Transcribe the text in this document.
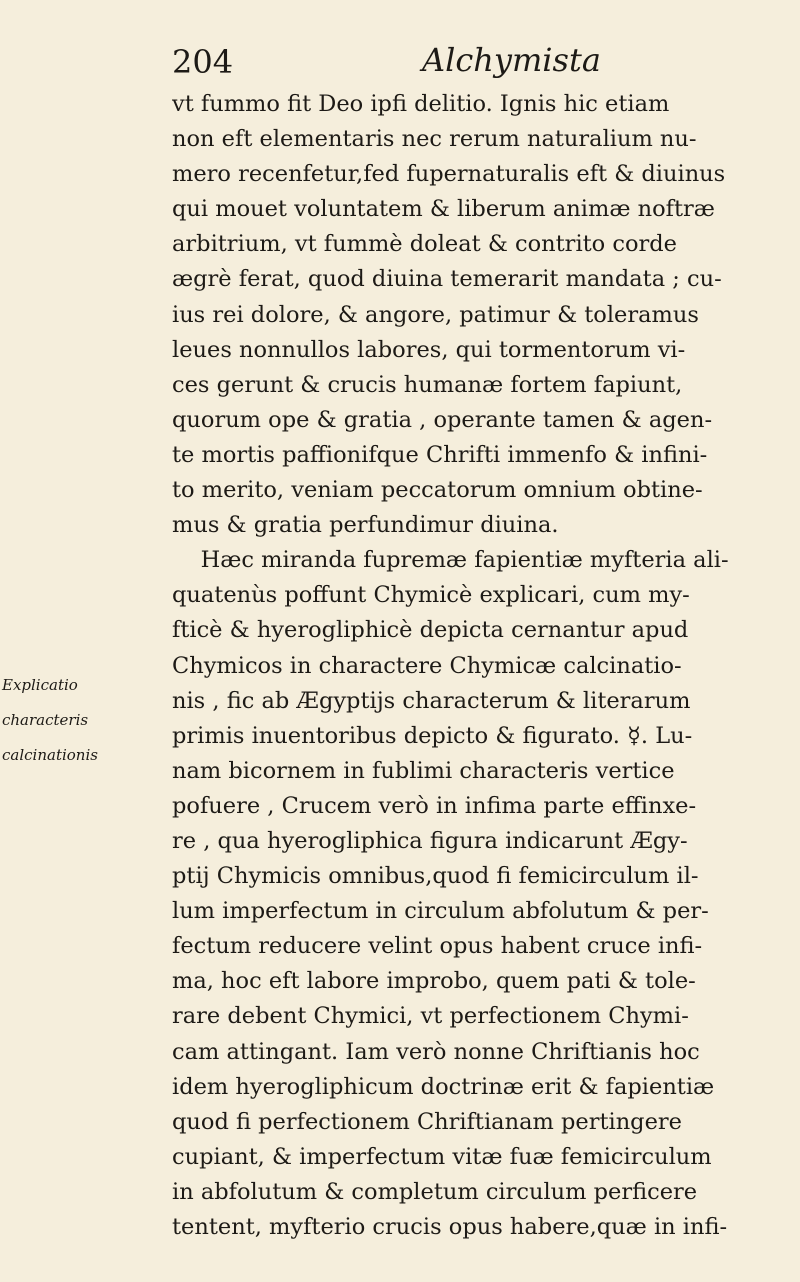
204	Alchymista
Explicatio
characteris
calcinationis
vt fummo fit Deo ipfi delitio. Ignis hic etiam
non eft elementaris nec rerum naturalium nu-
mero recenfetur,fed fupernaturalis eft & diuinus
qui mouet voluntatem & liberum animæ noftræ
arbitrium, vt fummè doleat & contrito corde
ægrè ferat, quod diuina temerarit mandata ; cu-
ius rei dolore, & angore, patimur & toleramus
leues nonnullos labores, qui tormentorum vi-
ces gerunt & crucis humanæ fortem fapiunt,
quorum ope & gratia , operante tamen & agen-
te mortis paffionifque Chrifti immenfo & infini-
to merito, veniam peccatorum omnium obtine-
mus & gratia perfundimur diuina.
Hæc miranda fupremæ fapientiæ myfteria ali-
quatenùs poffunt Chymicè explicari, cum my-
fticè & hyerogliphicè depicta cernantur apud
Chymicos in charactere Chymicæ calcinatio-
nis , fic ab Ægyptijs characterum & literarum
primis inuentoribus depicto & figurato. ☿. Lu-
nam bicornem in fublimi characteris vertice
pofuere , Crucem verò in infima parte effinxe-
re , qua hyerogliphica figura indicarunt Ægy-
ptij Chymicis omnibus,quod fi femicirculum il-
lum imperfectum in circulum abfolutum & per-
fectum reducere velint opus habent cruce infi-
ma, hoc eft labore improbo, quem pati & tole-
rare debent Chymici, vt perfectionem Chymi-
cam attingant. Iam verò nonne Chriftianis hoc
idem hyerogliphicum doctrinæ erit & fapientiæ
quod fi perfectionem Chriftianam pertingere
cupiant, & imperfectum vitæ fuæ femicirculum
in abfolutum & completum circulum perficere
tentent, myfterio crucis opus habere,quæ in infi-
